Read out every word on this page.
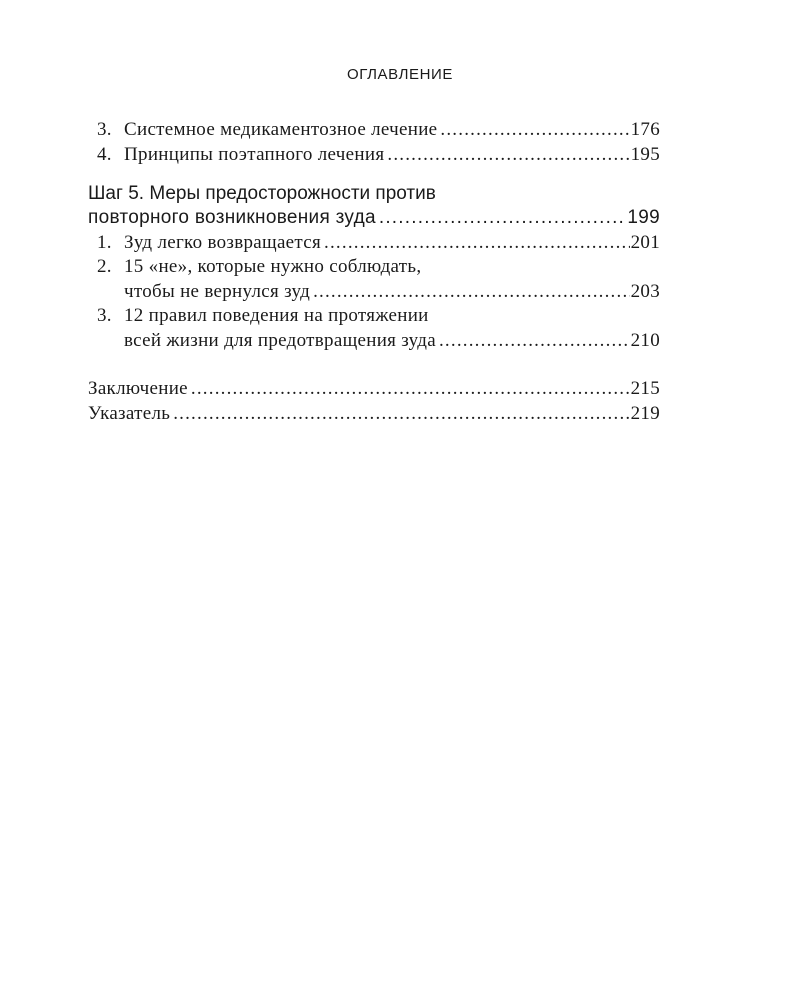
ОГЛАВЛЕНИЕ
3. Системное медикаментозное лечение .....	176
4. Принципы поэтапного лечения .....	195
Шаг 5. Меры предосторожности против
повторного возникновения зуда .....	199
1. Зуд легко возвращается .....	201
2. 15 «не», которые нужно соблюдать,
чтобы не вернулся зуд .....	203
3. 12 правил поведения на протяжении
всей жизни для предотвращения зуда .....	210
Заключение .....	215
Указатель .....	219
